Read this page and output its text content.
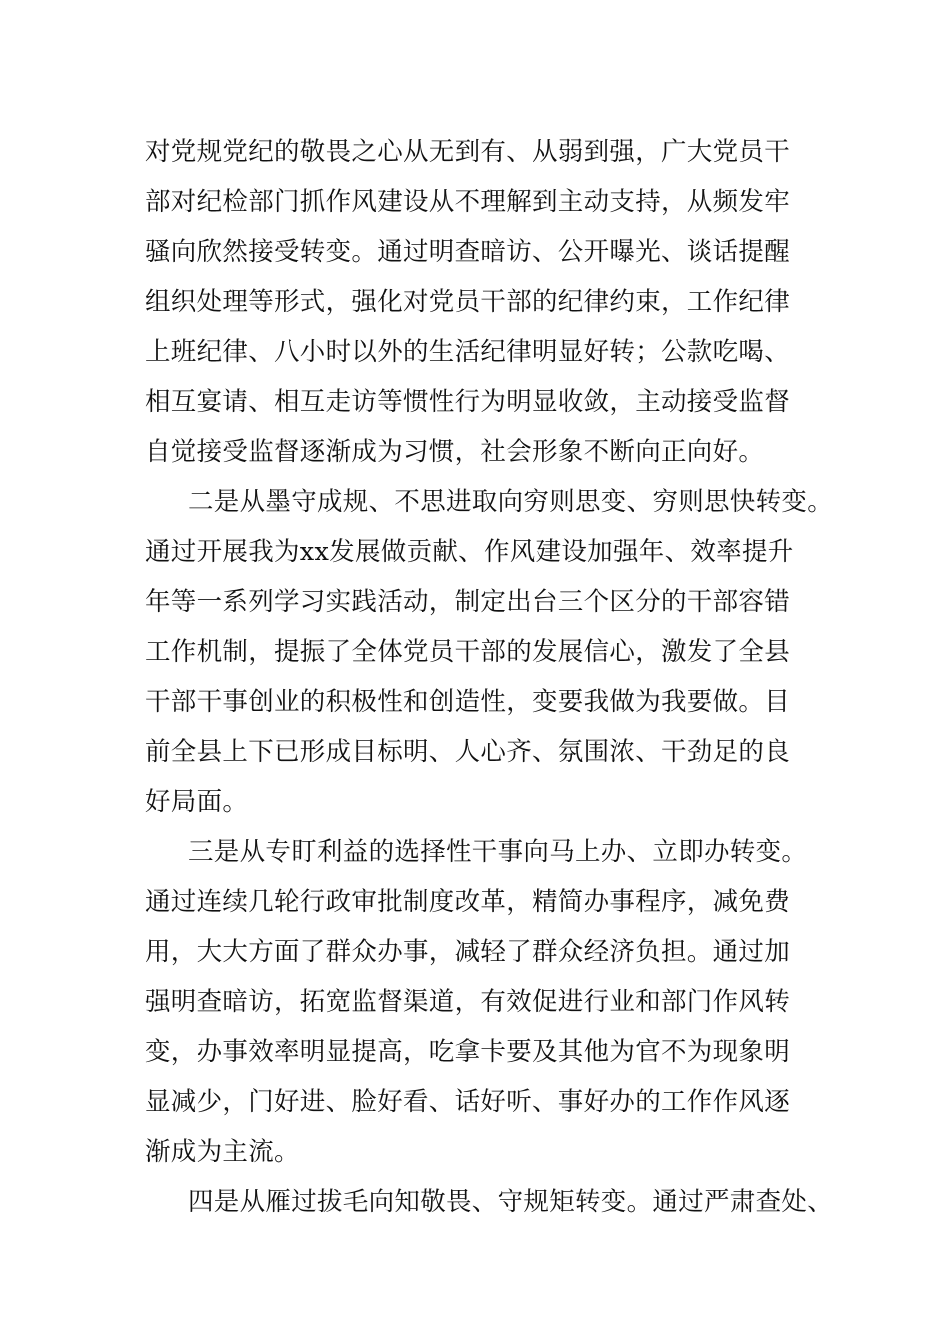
对党规党纪的敬畏之心从无到有、从弱到强，广大党员干
部对纪检部门抓作风建设从不理解到主动支持，从频发牢
骚向欣然接受转变。通过明查暗访、公开曝光、谈话提醒
组织处理等形式，强化对党员干部的纪律约束，工作纪律
上班纪律、八小时以外的生活纪律明显好转；公款吃喝、
相互宴请、相互走访等惯性行为明显收敛，主动接受监督
自觉接受监督逐渐成为习惯，社会形象不断向正向好。
二是从墨守成规、不思进取向穷则思变、穷则思快转变。
通过开展我为xx发展做贡献、作风建设加强年、效率提升
年等一系列学习实践活动，制定出台三个区分的干部容错
工作机制，提振了全体党员干部的发展信心，激发了全县
干部干事创业的积极性和创造性，变要我做为我要做。目
前全县上下已形成目标明、人心齐、氛围浓、干劲足的良
好局面。
三是从专盯利益的选择性干事向马上办、立即办转变。
通过连续几轮行政审批制度改革，精简办事程序，减免费
用，大大方面了群众办事，减轻了群众经济负担。通过加
强明查暗访，拓宽监督渠道，有效促进行业和部门作风转
变，办事效率明显提高，吃拿卡要及其他为官不为现象明
显减少，门好进、脸好看、话好听、事好办的工作作风逐
渐成为主流。
四是从雁过拔毛向知敬畏、守规矩转变。通过严肃查处、
